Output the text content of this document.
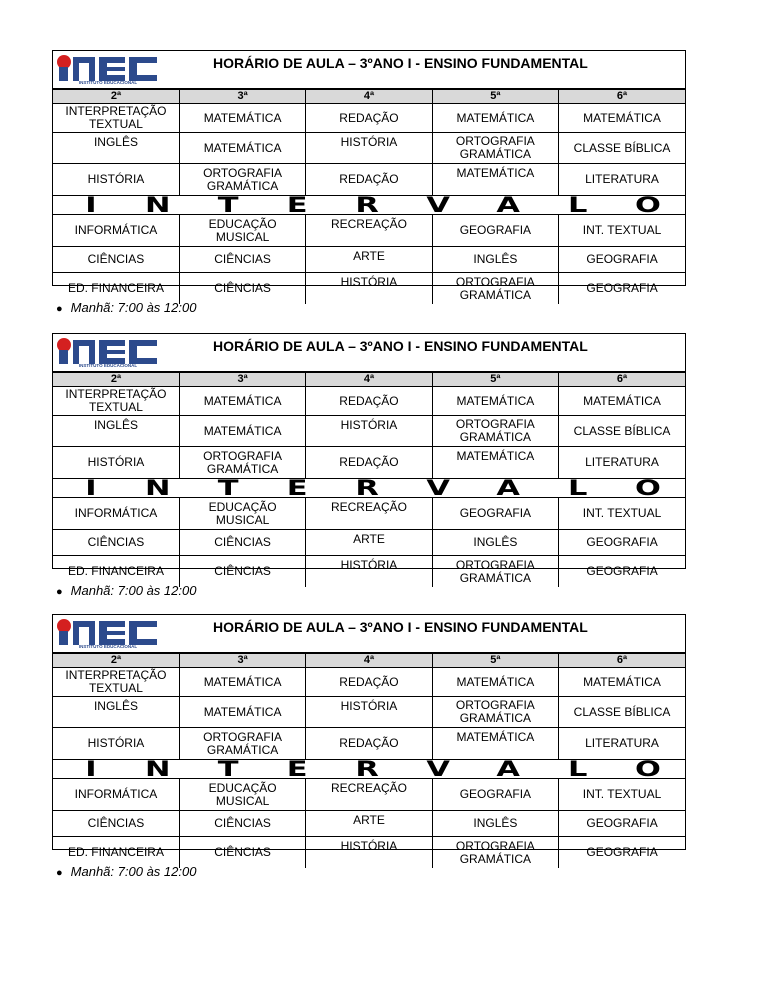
INSTITUTO EDUCACIONAL
HORÁRIO DE AULA – 3ºANO I - ENSINO FUNDAMENTAL
2ª	3ª	4ª	5ª	6ª
INTERPRETAÇÃO TEXTUAL	MATEMÁTICA	REDAÇÃO	MATEMÁTICA	MATEMÁTICA
INGLÊS	MATEMÁTICA	HISTÓRIA	ORTOGRAFIA GRAMÁTICA	CLASSE BÍBLICA
HISTÓRIA	ORTOGRAFIA GRAMÁTICA	REDAÇÃO	MATEMÁTICA	LITERATURA
I N T E R V A L O
INFORMÁTICA	EDUCAÇÃO MUSICAL	RECREAÇÃO	GEOGRAFIA	INT. TEXTUAL
CIÊNCIAS	CIÊNCIAS	ARTE	INGLÊS	GEOGRAFIA
ED. FINANCEIRA	CIÊNCIAS	HISTÓRIA	ORTOGRAFIA GRAMÁTICA	GEOGRAFIA
● Manhã: 7:00 às 12:00
INSTITUTO EDUCACIONAL
HORÁRIO DE AULA – 3ºANO I - ENSINO FUNDAMENTAL
2ª	3ª	4ª	5ª	6ª
INTERPRETAÇÃO TEXTUAL	MATEMÁTICA	REDAÇÃO	MATEMÁTICA	MATEMÁTICA
INGLÊS	MATEMÁTICA	HISTÓRIA	ORTOGRAFIA GRAMÁTICA	CLASSE BÍBLICA
HISTÓRIA	ORTOGRAFIA GRAMÁTICA	REDAÇÃO	MATEMÁTICA	LITERATURA
I N T E R V A L O
INFORMÁTICA	EDUCAÇÃO MUSICAL	RECREAÇÃO	GEOGRAFIA	INT. TEXTUAL
CIÊNCIAS	CIÊNCIAS	ARTE	INGLÊS	GEOGRAFIA
ED. FINANCEIRA	CIÊNCIAS	HISTÓRIA	ORTOGRAFIA GRAMÁTICA	GEOGRAFIA
● Manhã: 7:00 às 12:00
INSTITUTO EDUCACIONAL
HORÁRIO DE AULA – 3ºANO I - ENSINO FUNDAMENTAL
2ª	3ª	4ª	5ª	6ª
INTERPRETAÇÃO TEXTUAL	MATEMÁTICA	REDAÇÃO	MATEMÁTICA	MATEMÁTICA
INGLÊS	MATEMÁTICA	HISTÓRIA	ORTOGRAFIA GRAMÁTICA	CLASSE BÍBLICA
HISTÓRIA	ORTOGRAFIA GRAMÁTICA	REDAÇÃO	MATEMÁTICA	LITERATURA
I N T E R V A L O
INFORMÁTICA	EDUCAÇÃO MUSICAL	RECREAÇÃO	GEOGRAFIA	INT. TEXTUAL
CIÊNCIAS	CIÊNCIAS	ARTE	INGLÊS	GEOGRAFIA
ED. FINANCEIRA	CIÊNCIAS	HISTÓRIA	ORTOGRAFIA GRAMÁTICA	GEOGRAFIA
● Manhã: 7:00 às 12:00
